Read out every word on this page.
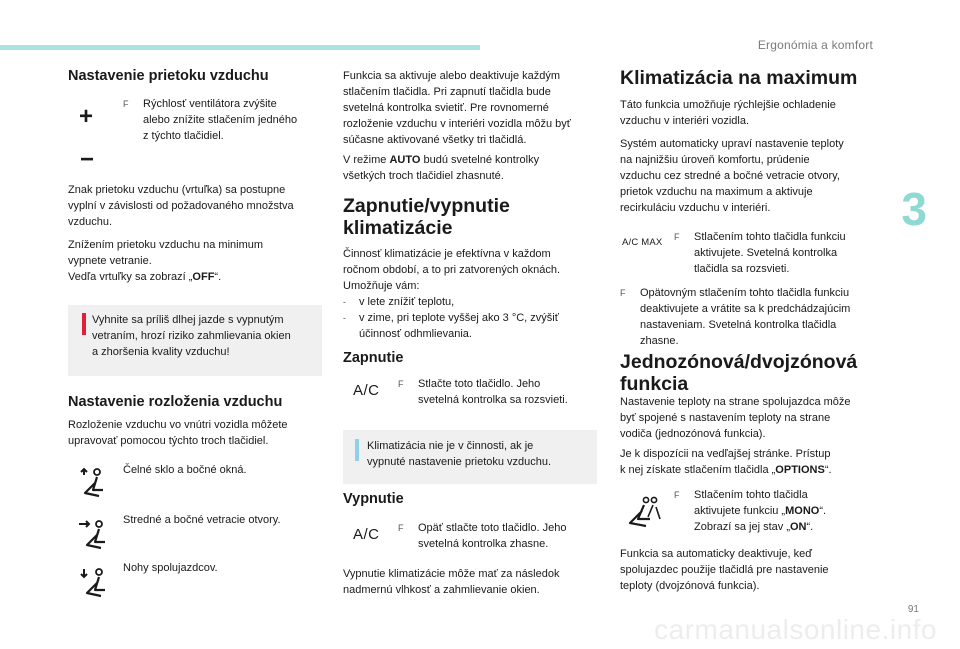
Ergonómia a komfort
3
91
carmanualsonline.info
Nastavenie prietoku vzduchu
+
−
F Rýchlosť ventilátora zvýšite
alebo znížite stlačením jedného
z týchto tlačidiel.
Znak prietoku vzduchu (vrtuľka) sa postupne
vyplní v závislosti od požadovaného množstva
vzduchu.
Znížením prietoku vzduchu na minimum
vypnete vetranie.
Vedľa vrtuľky sa zobrazí „OFF“.
Vyhnite sa príliš dlhej jazde s vypnutým
vetraním, hrozí riziko zahmlievania okien
a zhoršenia kvality vzduchu!
Nastavenie rozloženia vzduchu
Rozloženie vzduchu vo vnútri vozidla môžete
upravovať pomocou týchto troch tlačidiel.
Čelné sklo a bočné okná.
Stredné a bočné vetracie otvory.
Nohy spolujazdcov.
Funkcia sa aktivuje alebo deaktivuje každým
stlačením tlačidla. Pri zapnutí tlačidla bude
svetelná kontrolka svietiť. Pre rovnomerné
rozloženie vzduchu v interiéri vozidla môžu byť
súčasne aktivované všetky tri tlačidlá.
V režime AUTO budú svetelné kontrolky
všetkých troch tlačidiel zhasnuté.
Zapnutie/vypnutie
klimatizácie
Činnosť klimatizácie je efektívna v každom
ročnom období, a to pri zatvorených oknách.
Umožňuje vám:
- v lete znížiť teplotu,
- v zime, pri teplote vyššej ako 3 °C, zvýšiť
účinnosť odhmlievania.
Zapnutie
A/C F Stlačte toto tlačidlo. Jeho
svetelná kontrolka sa rozsvieti.
Klimatizácia nie je v činnosti, ak je
vypnuté nastavenie prietoku vzduchu.
Vypnutie
A/C F Opäť stlačte toto tlačidlo. Jeho
svetelná kontrolka zhasne.
Vypnutie klimatizácie môže mať za následok
nadmernú vlhkosť a zahmlievanie okien.
Klimatizácia na maximum
Táto funkcia umožňuje rýchlejšie ochladenie
vzduchu v interiéri vozidla.
Systém automaticky upraví nastavenie teploty
na najnižšiu úroveň komfortu, prúdenie
vzduchu cez stredné a bočné vetracie otvory,
prietok vzduchu na maximum a aktivuje
recirkuláciu vzduchu v interiéri.
A/C MAX F Stlačením tohto tlačidla funkciu
aktivujete. Svetelná kontrolka
tlačidla sa rozsvieti.
F Opätovným stlačením tohto tlačidla funkciu
deaktivujete a vrátite sa k predchádzajúcim
nastaveniam. Svetelná kontrolka tlačidla
zhasne.
Jednozónová/dvojzónová
funkcia
Nastavenie teploty na strane spolujazdca môže
byť spojené s nastavením teploty na strane
vodiča (jednozónová funkcia).
Je k dispozícii na vedľajšej stránke. Prístup
k nej získate stlačením tlačidla „OPTIONS“.
F Stlačením tohto tlačidla
aktivujete funkciu „MONO“.
Zobrazí sa jej stav „ON“.
Funkcia sa automaticky deaktivuje, keď
spolujazdec použije tlačidlá pre nastavenie
teploty (dvojzónová funkcia).
